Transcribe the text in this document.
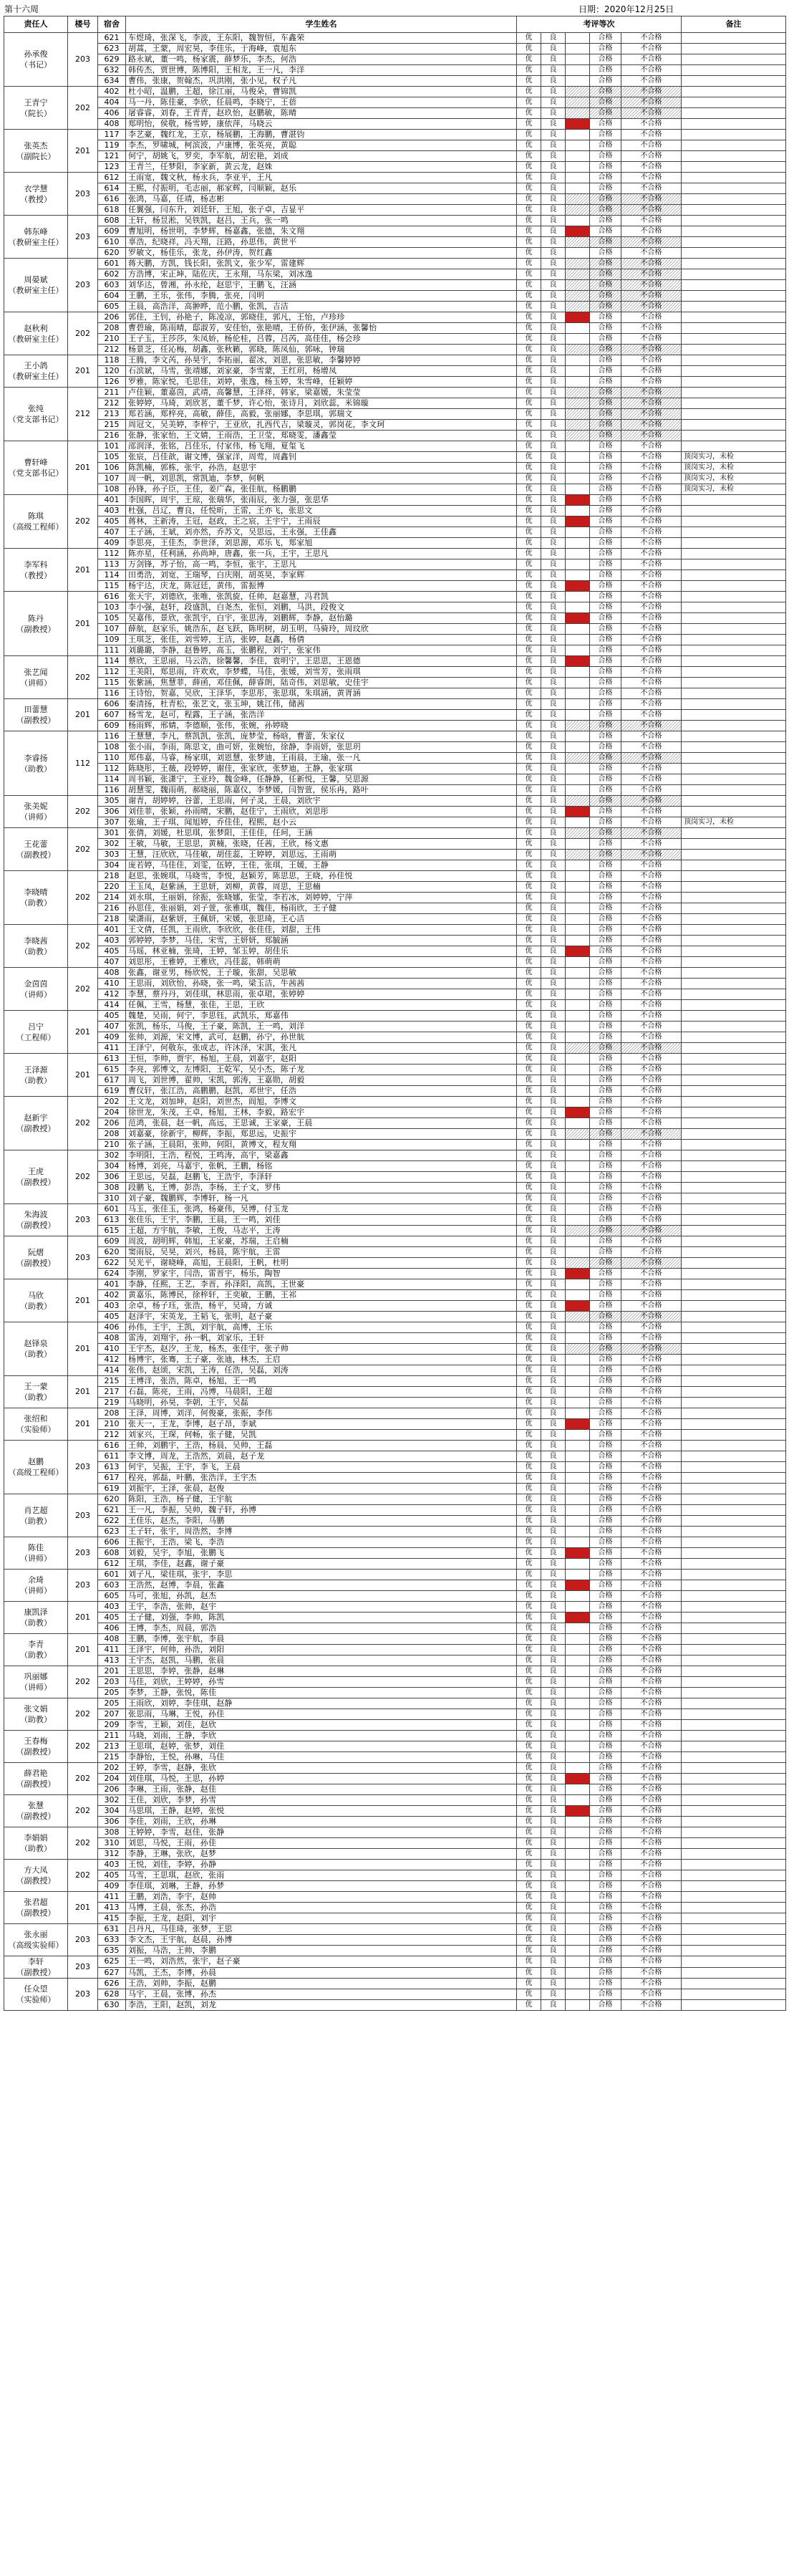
第十六周	日期：2020年12月25日
责任人	楼号	宿舍	学生姓名	考评等次					备注

孙承俊
（书记）	203	621	车煜琦，张深飞，李波，王东阳，魏智恒，车鑫荣	优	良		合格	不合格	
		623	胡蒿，王蒙，周宏昊，李佳乐，于海峰，袁旭东	优	良		合格	不合格	
		629	路永斌，董一鸣，杨家震，薛梦乐，李杰，何浩	优	良		合格	不合格	
		632	韩传杰，贾世博，陈博阳，王相龙，王一凡，李洋	优	良		合格	不合格	
		634	曹伟，张康，贺翰杰，巩洪刚，张小见，权子凡	优	良		合格	不合格	

王青宁
（院长）	202	402	杜小昭，温鹏，王超，徐江丽，马俊朵，曹锦凯	优	良		合格	不合格	
		404	马一丹，陈佳豪，李欣，任晨鸣，李晓宁，王蓓	优	良		合格	不合格	
		406	屠睿睿，刘春，王青青，赵玖怡，赵鹏敏，陈晴	优	良		合格	不合格	
		408	郑明怡，侯敬，杨雪婷，康依萍，马晓云	优	良		合格	不合格	

张英杰
（副院长）	201	117	李艺豪，魏红龙，王京，杨展鹏，王海鹏，曹湛钧	优	良		合格	不合格	
		119	李杰，罗啸城，柯滨波，卢康博，张英亮，黄聪	优	良		合格	不合格	
		121	何宁，胡姚飞，罗奕，李军航，胡宏艳，刘成	优	良		合格	不合格	
		123	王青兰，任梦阳，李家新，黄云龙，赵姝	优	良		合格	不合格	

衣学慧
（教授）	203	612	王雨宽，魏文秋，杨永兵，李亚平，王凡	优	良		合格	不合格	
		614	王熙，付振明，毛志丽，郝家辉，闫顺颖，赵乐	优	良		合格	不合格	
		616	张鸿，马嘉，任靖，杨志彬	优	良		合格	不合格	
		618	任翼强，闫东升，刘廷轩，王旭，张子卓，吉显平	优	良		合格	不合格	

韩东峰
（教研室主任）	203	608	王轩，杨昱淞，吴铁凯，赵吕，王兵，张一鸣	优	良		合格	不合格	
		609	曹旭明，杨世明，李梦辉，杨嘉鑫，张德，朱文翔	优	良		合格	不合格	
		610	辜浩，纪晓祥，冯天翔，汪路，孙思伟，黄世平	优	良		合格	不合格	
		620	罗敏文，杨佳乐，张龙，孙伊涛，贺红鑫	优	良		合格	不合格	

周晏斌
（教研室主任）	203	601	蒋天鹏，方凯，钱长阳，张凯文，张少军，雷建辉	优	良		合格	不合格	
		602	方浩博，宋正坤，陆佐庆，王永翔，马东梁，刘冰逸	优	良		合格	不合格	
		603	刘华达，曾湘，孙永纶，赵思宇，王鹏飞，汪涵	优	良		合格	不合格	
		604	王鹏，王乐，张伟，李腾，张亮，闫明	优	良		合格	不合格	
		605	王晨，高浩洋，高翀晔，范小鹏，张凯，吉洁	优	良		合格	不合格	

赵秋利
（教研室主任）	202	206	郭佳，王钊，孙艳子，陈凌凉，郭晓佳，郭凡，王怡，卢珍珍	优	良		合格	不合格	
		208	曹碧瑜，陈雨晴，邸淑芳，安佳怡，张艳晴，王侨侨，张伊涵，张馨怡	优	良		合格	不合格	
		210	王子玉，王莎莎，朱凤娇，杨伦桂，吕蓉，吕芮，高佳佳，杨会珍	优	良		合格	不合格	
		212	杨景芝，任沁梅，胡鑫，张秋籁，郭晓，陈凤仙，郭咏，钟瑞	优	良		合格	不合格	

王小鸽
（教研室主任）	201	118	王腾，李文芮，孙昊宇，李拓丽，翟冰，刘恩，张思敏，李馨婷婷	优	良		合格	不合格	
		120	石滨斌，马雪，张靖娜，刘家豪，李雪蒙，王红玥，杨增凤	优	良		合格	不合格	
		126	罗雅，陈家悦，毛思佳，刘婷，张逸，杨玉婷，朱雪峰，任颖婷	优	良		合格	不合格	

张纯
（党支部书记）	212	211	卢佳颖，董嘉茵，武靖，高馨慧，王泽祥，韩家，梁嘉媛，朱莹莹	优	良		合格	不合格	
		212	张婷婷，马琦，刘欣茗，董千梦，许心怡，张诗月，刘欣蕊，米锦璇	优	良		合格	不合格	
		213	郑若涵，郑梓亮，高敏，薛佳，高毅，张丽娜，李思琪，郭瑞文	优	良		合格	不合格	
		215	周冠文，吴美婷，李梓宁，王亚欣，扎西代吉，梁璇灵，郭岗花，李文珂	优	良		合格	不合格	
		216	张静，张家怡，王文婧，王雨浩，王卫莹，郑晓雯，潘鑫莹	优	良		合格	不合格	

曹轩峰
（党支部书记）	201	101	邵润泽，张铭，吕佳乐，付家伟，杨飞翔，夏玺飞	优	良		合格	不合格	
		105	张宸，吕佳歆，谢文博，强家洋，周莺，周鑫钊	优	良		合格	不合格	顶岗实习，未检
		106	陈凯楠，郭栋，张宇，孙浩，赵思宇	优	良		合格	不合格	顶岗实习，未检
		107	周一帆，刘思凯，常凯迪，李梦，何帆	优	良		合格	不合格	顶岗实习，未检
		108	孙锋，孙子臣，王佳，姜广森，张佳航，杨鹏鹏	优	良		合格	不合格	顶岗实习，未检

陈琪
（高级工程师）	202	401	李国晖，周宇，王琼，张瑞华，张雨辰，张力强，张思华	优	良		合格	不合格	
		403	杜强，吕辽，曹良，任悦昕，王雷，王亦飞，张思文	优	良		合格	不合格	
		405	蒋林，王新涛，王冠，赵政，王之宸，王宇宁，王雨辰	优	良		合格	不合格	
		407	王子涵，王斌，刘亦然，乔苏文，吴思远，王永强，王佳鑫	优	良		合格	不合格	
		409	李思亮，王佳杰，李世泽，刘思源，邓乐飞，郑家旭	优	良		合格	不合格	

李军科
（教授）	201	112	陈亦星，任利涵，孙尚坤，唐鑫，张一兵，王宇，王思凡	优	良		合格	不合格	
		113	万剑锋，苏子怡，高一鸣，李恒，张宇，王思凡	优	良		合格	不合格	
		114	田勇浩，刘宽，王瑞琴，白庆刚，胡英昊，李家辉	优	良		合格	不合格	
		115	杨宇达，庆龙，陈冠廷，黄伟，雷振博	优	良		合格	不合格	

陈丹
（副教授）	201	616	张天宇，刘德欣，张唯，张凯旋，任帅，赵嘉慧，冯君凯	优	良		合格	不合格	
		103	李小强，赵轩，段盛凯，白尧杰，张恒，刘鹏，马洪，段俊文	优	良		合格	不合格	
		105	吴嘉伟，景欣，张凯宇，白宇，张思涛，刘鹏辉，李静，赵怡璐	优	良		合格	不合格	
		107	薛航，赵家乐，姚浩东，赵飞跃，陈明树，胡玉明，马骑玲，周玟欣	优	良		合格	不合格	
		109	王琪芝，张佳，刘雪婷，王洁，张婷，赵鑫，杨倩	优	良		合格	不合格	
		111	刘璐璐，李静，赵鲁婷，高玉，张鹏程，刘宁，张家伟	优	良		合格	不合格	

张艺闻
（讲师）	202	114	蔡欣，王思丽，马云浩，徐馨馨，李佳，袁明宁，王思思，王恩德	优	良		合格	不合格	
		112	王美阳，郑思雨，许欢欢，李梦蝶，马佳，张媛，刘雪芳，张雨琪	优	良		合格	不合格	
		115	张紫涵，焦慧菲，薛函，邓佳佩，薛睿朗，陆奇伟，刘思敏，史佳宇	优	良		合格	不合格	
		116	王诗怡，贺嘉，吴欣，王泽华，李思彤，张思琪，朱琪涵，黄胥涵	优	良		合格	不合格	

田蕾慧
（副教授）	201	606	秦清扬，杜青松，张艺文，张玉坤，姚江伟，储茜	优	良		合格	不合格	
		607	杨雪龙，赵可，程露，王子涵，张浩洋	优	良		合格	不合格	
		609	杨雨辉，邢婧，李德顺，张伟，张婉，孙婷晓	优	良		合格	不合格	

李睿扬
（助教）	112	116	王慧慧，李凡，蔡凯凯，张凯，庞梦莹，杨晗，曹蕾，朱家仪	优	良		合格	不合格	
		108	张小雨，李雨，陈思文，曲可妍，张婉怡，徐静，李雨妍，张思玥	优	良		合格	不合格	
		110	郑伟嘉，马睿，杨家琪，刘恩慧，张梦迪，王雨晨，王瑜，张一凡	优	良		合格	不合格	
		112	陈晓彤，王薇，段婷婷，谢佳，张家欣，张梦迪，王静，张家琪	优	良		合格	不合格	
		114	周书颖，张潇宁，王亚玲，魏金峰，任静静，任新悦，王馨，吴思源	优	良		合格	不合格	
		116	胡慧雯，魏雨萌，郝晓丽，陈嘉仪，李梦媛，闫智萱，侯乐冉，路叶	优	良		合格	不合格	

张美妮
（讲师）	202	305	谢青，胡婷婷，谷蕾，王思雨，何子灵，王晨，刘欣宇	优	良		合格	不合格	
		306	刘佳菲，张颖，孙雨晴，宋鹏，赵佳宁，王雨欣，刘思彤	优	良		合格	不合格	
		307	张瑜，王子琪，闻旭婷，乔佳佳，程熙，赵小云	优	良		合格	不合格	顶岗实习，未检

王花蕾
（副教授）	202	301	张倩，刘媛，杜思琪，张梦阳，王佳佳，任珂，王涵	优	良		合格	不合格	
		302	王敏，马敏，王思思，黄楠，张晓，任茜，王欣，杨文惠	优	良		合格	不合格	
		303	王慧，汪欣欣，马佳敏，胡佳蕊，王婷婷，刘思远，王雨萌	优	良		合格	不合格	
		304	庞若婷，马佳佳，刘雯，伍婷，王佳，张琪，王媛，王静	优	良		合格	不合格	

李晓晴
（助教）	202	218	赵思，张婉琪，马晓雪，李悦，赵颖芳，陈思思，王晓，孙佳悦	优	良		合格	不合格	
		220	王玉凤，赵紫涵，王思妍，刘柳，黄蓉，周思，王思楠	优	良		合格	不合格	
		214	刘永琪，王丽娟，徐振，张晓娜，张莹，李若冰，刘婷婷，宁萍	优	良		合格	不合格	
		216	孙思佳，张丽娟，刘子萱，张雅琪，魏佳，杨雨欣，王子健	优	良		合格	不合格	
		218	梁潇雨，赵紫妍，王佩妍，宋媛，张思琦，王心洁	优	良		合格	不合格	

李晓茜
（助教）	202	401	王文倩，任凯，王雨欣，李欣欣，张佳佳，刘甜，王伟	优	良		合格	不合格	
		403	郭婷婷，李梦，马佳，宋雪，王妍妍，郑毓涵	优	良		合格	不合格	
		405	马瑶，林亚楠，张琦，王婷，邹玉婷，胡佳乐	优	良		合格	不合格	
		407	刘思彤，王雅婷，王雅欣，冯佳蕊，韩萌萌	优	良		合格	不合格	

金茵茵
（讲师）	202	408	张鑫，谢亚男，杨欣悦，王子璇，张甜，吴思敏	优	良		合格	不合格	
		410	王思雨，刘欣怡，孙晓，张一鸣，梁玉洁，牛茜茜	优	良		合格	不合格	
		412	李慧，蔡丹丹，刘佳琪，林思雨，张卓珺，张婷婷	优	良		合格	不合格	
		414	任佩，王雪，杨慧，张佳，王思，王欣	优	良		合格	不合格	

吕宁
（工程师）	201	405	魏楚，吴雨，何宁，李思钰，武凯乐，郑嘉伟	优	良		合格	不合格	
		407	张凯，杨乐，马俊，王子豪，陈凯，王一鸣，刘洋	优	良		合格	不合格	
		409	张帅，刘源，宋文博，武可，赵鹏，孙宁，孙世航	优	良		合格	不合格	
		411	王泽宁，何敬东，张成志，许沐泽，宋淇，张凡	优	良		合格	不合格	

王泽源
（助教）	201	613	王恒，李帅，贾宇，杨旭，王晨，刘嘉宇，赵阳	优	良		合格	不合格	
		615	李亮，郭博文，左博阳，王乾军，吴小杰，陈子龙	优	良		合格	不合格	
		617	周飞，刘世博，翟帅，宋凯，郭涛，王嘉勋，胡毅	优	良		合格	不合格	
		619	曹仪轩，张江浩，高鹏鹏，赵凯，邓世宇，任浩	优	良		合格	不合格	

赵新宇
（副教授）	202	202	王文龙，刘加坤，赵阳，刘世杰，阎旭，李博文	优	良		合格	不合格	
		204	徐世龙，朱茂，王卓，杨旭，王林，李毅，路宏宇	优	良		合格	不合格	
		206	范鸿，张晨，赵一帆，高远，王思诚，王家豪，王晨	优	良		合格	不合格	
		208	刘嘉豪，徐新宇，柳辉，李振，郑思远，史振宇	优	良		合格	不合格	
		210	张子涵，王晨阳，张帅，何阳，黄博文，程友翔	优	良		合格	不合格	

王虎
（副教授）	202	302	李明阳，王浩，程悦，王鸣涛，高宇，梁嘉鑫	优	良		合格	不合格	
		304	杨博，刘亮，马嘉宇，张帆，王鹏，杨铭	优	良		合格	不合格	
		306	王思远，吴磊，赵鹏飞，王浩宇，李泽轩	优	良		合格	不合格	
		308	段鹏飞，王博，彭浩，李杨，王子文，罗伟	优	良		合格	不合格	
		310	刘子豪，魏鹏辉，李博轩，杨一凡	优	良		合格	不合格	

朱海波
（副教授）	203	601	马玉，张佳玉，张鸿，杨豪伟，吴博，付玉龙	优	良		合格	不合格	
		613	张佳乐，王宇，李鹏，王晨，王一鸣，刘佳	优	良		合格	不合格	
		615	王超，方宇航，李敏，王俊，马志平，王涛	优	良		合格	不合格	

阮熠
（副教授）	203	609	周波，胡明辉，韩旭，王家豪，苏瑞，王启楠	优	良		合格	不合格	
		620	窦雨辰，吴昊，刘兴，杨晨，陈宇航，王雷	优	良		合格	不合格	
		622	吴光平，谢晓峰，高旭，王晨阳，王帆，杜明	优	良		合格	不合格	
		624	李刚，罗家宇，闫浩，雷晋宇，杨乐，陶智	优	良		合格	不合格	

马欣
（助教）	201	401	李静，任熙，王艺，李晋，孙泽阳，高凯，王世豪	优	良		合格	不合格	
		402	黄嘉乐，陈博民，徐梓轩，王奕敏，王鹏，王祁	优	良		合格	不合格	
		403	余卓，杨子珏，张浩，杨平，吴琦，方诚	优	良		合格	不合格	
		405	赵泽宇，宋英龙，王韬飞，张明，赵子豪	优	良		合格	不合格	

赵铎泉
（助教）	201	406	孙伟，王宇，王凯，刘宇航，高博，王乐	优	良		合格	不合格	
		408	雷涛，刘翔宇，孙一帆，刘家乐，王轩	优	良		合格	不合格	
		410	王宇杰，赵汐，王龙，杨杰，张佳宇，张子帅	优	良		合格	不合格	
		412	杨博宇，张骞，王子豪，张迪，林杰，王启	优	良		合格	不合格	
		414	张伟，赵颂，宋凯，王涛，任浩，吴磊，刘涛	优	良		合格	不合格	

王一蒙
（助教）	201	215	王博洋，张浩，陈卓，杨旭，王一鸣	优	良		合格	不合格	
		217	石磊，陈亮，王雨，冯博，马晨阳，王超	优	良		合格	不合格	
		219	马晓明，孙昊，李朝，王宇，吴磊	优	良		合格	不合格	

张绍和
（实验师）	201	208	王泽，周博，刘洋，何俊豪，张振，李伟	优	良		合格	不合格	
		210	张天一，王龙，李博，赵子昂，李斌	优	良		合格	不合格	
		212	刘家兴，王琛，何畅，张子健，吴凯	优	良		合格	不合格	

赵鹏
（高级工程师）	203	616	王帅，刘鹏宇，王浩，杨晨，吴帅，王磊	优	良		合格	不合格	
		611	李文博，周龙，王浩然，刘晨，赵子龙	优	良		合格	不合格	
		613	何宇，吴振，王宇，李飞，王晨	优	良		合格	不合格	
		617	程亮，郭磊，叶鹏，张浩洋，王宇杰	优	良		合格	不合格	
		619	刘振宇，王泽，张晨，赵俊	优	良		合格	不合格	

肖艺超
（助教）	203	620	陈阳，王浩，杨子健，王宇航	优	良		合格	不合格	
		621	王一凡，李振，吴帅，魏子轩，孙博	优	良		合格	不合格	
		622	王佳乐，赵杰，李阳，马鹏	优	良		合格	不合格	
		623	王子轩，张宇，周浩然，李博	优	良		合格	不合格	

陈佳
（讲师）	203	606	王振宇，王浩，梁飞，李浩	优	良		合格	不合格	
		608	刘毅，吴宇，李旭，张鹏飞	优	良		合格	不合格	
		612	王琪，李佳，赵鑫，谢子豪	优	良		合格	不合格	

余琦
（讲师）	203	601	刘子凡，梁佳琪，张宇，李思	优	良		合格	不合格	
		603	王浩然，赵博，李晨，张鑫	优	良		合格	不合格	
		605	马可，张旭，孙凯，赵杰	优	良		合格	不合格	

康凯泽
（助教）	201	403	王宇，李浩，张帅，赵宇	优	良		合格	不合格	
		405	王子健，刘强，李帅，陈凯	优	良		合格	不合格	
		406	王博，李杰，周晨，郭浩	优	良		合格	不合格	

李青
（助教）	201	408	王鹏，李博，张宇航，李晨	优	良		合格	不合格	
		411	王泽宇，何帅，孙浩，刘阳	优	良		合格	不合格	
		413	王宇杰，赵凯，马鹏，张晨	优	良		合格	不合格	

巩丽娜
（讲师）	202	201	王思思，李婷，张静，赵琳	优	良		合格	不合格	
		203	马佳，刘欣，王婷婷，孙雪	优	良		合格	不合格	
		205	李梦，王静，张悦，陈佳	优	良		合格	不合格	

张文娟
（助教）	202	205	王雨欣，刘婷，李佳琪，赵静	优	良		合格	不合格	
		207	张思雨，马琳，王悦，孙佳	优	良		合格	不合格	
		209	李雪，王颖，刘佳，赵欣	优	良		合格	不合格	

王春梅
（副教授）	202	211	马晓，刘雨，王静，李欣	优	良		合格	不合格	
		213	王思琪，赵婷，张梦，刘佳	优	良		合格	不合格	
		215	李静怡，王悦，孙琳，马佳	优	良		合格	不合格	

薛君艳
（副教授）	202	202	王婷，李雪，赵静，张欣	优	良		合格	不合格	
		204	刘佳琪，马悦，王思，孙婷	优	良		合格	不合格	
		206	李琳，王雨，张静，赵佳	优	良		合格	不合格	

张慧
（副教授）	202	302	王佳，刘欣，李梦，孙雪	优	良		合格	不合格	
		304	马思琪，王静，赵婷，张悦	优	良		合格	不合格	
		306	李佳，刘雨，王欣，孙琳	优	良		合格	不合格	

李娟娟
（助教）	202	308	王婷婷，李雪，赵佳，张静	优	良		合格	不合格	
		310	刘思，马悦，王雨，孙佳	优	良		合格	不合格	
		312	李静，王琳，张欣，赵梦	优	良		合格	不合格	

方大凤
（副教授）	202	403	王悦，刘佳，李婷，孙静	优	良		合格	不合格	
		405	马雪，王思琪，赵欣，张雨	优	良		合格	不合格	
		409	李佳琪，刘琳，王静，孙梦	优	良		合格	不合格	

张君超
（副教授）	201	411	王鹏，刘浩，李宇，赵帅	优	良		合格	不合格	
		413	马博，王晨，张杰，孙浩	优	良		合格	不合格	
		415	李振，王龙，赵阳，刘宇	优	良		合格	不合格	

张永丽
（高级实验师）	203	631	吕丹凡，马佳琦，张梦，王思	优	良		合格	不合格	
		633	李文杰，王宇航，赵晨，孙博	优	良		合格	不合格	
		635	刘振，马浩，王帅，李鹏	优	良		合格	不合格	

李轩
（副教授）	203	625	王一鸣，刘浩然，张宇，赵子豪	优	良		合格	不合格	
		627	马凯，王杰，李博，孙晨	优	良		合格	不合格	

任众望
（实验师）	203	626	王浩，刘帅，李振，赵鹏	优	良		合格	不合格	
		628	马宇，王晨，张博，孙杰	优	良		合格	不合格	
		630	李浩，王阳，赵凯，刘龙	优	良		合格	不合格	
